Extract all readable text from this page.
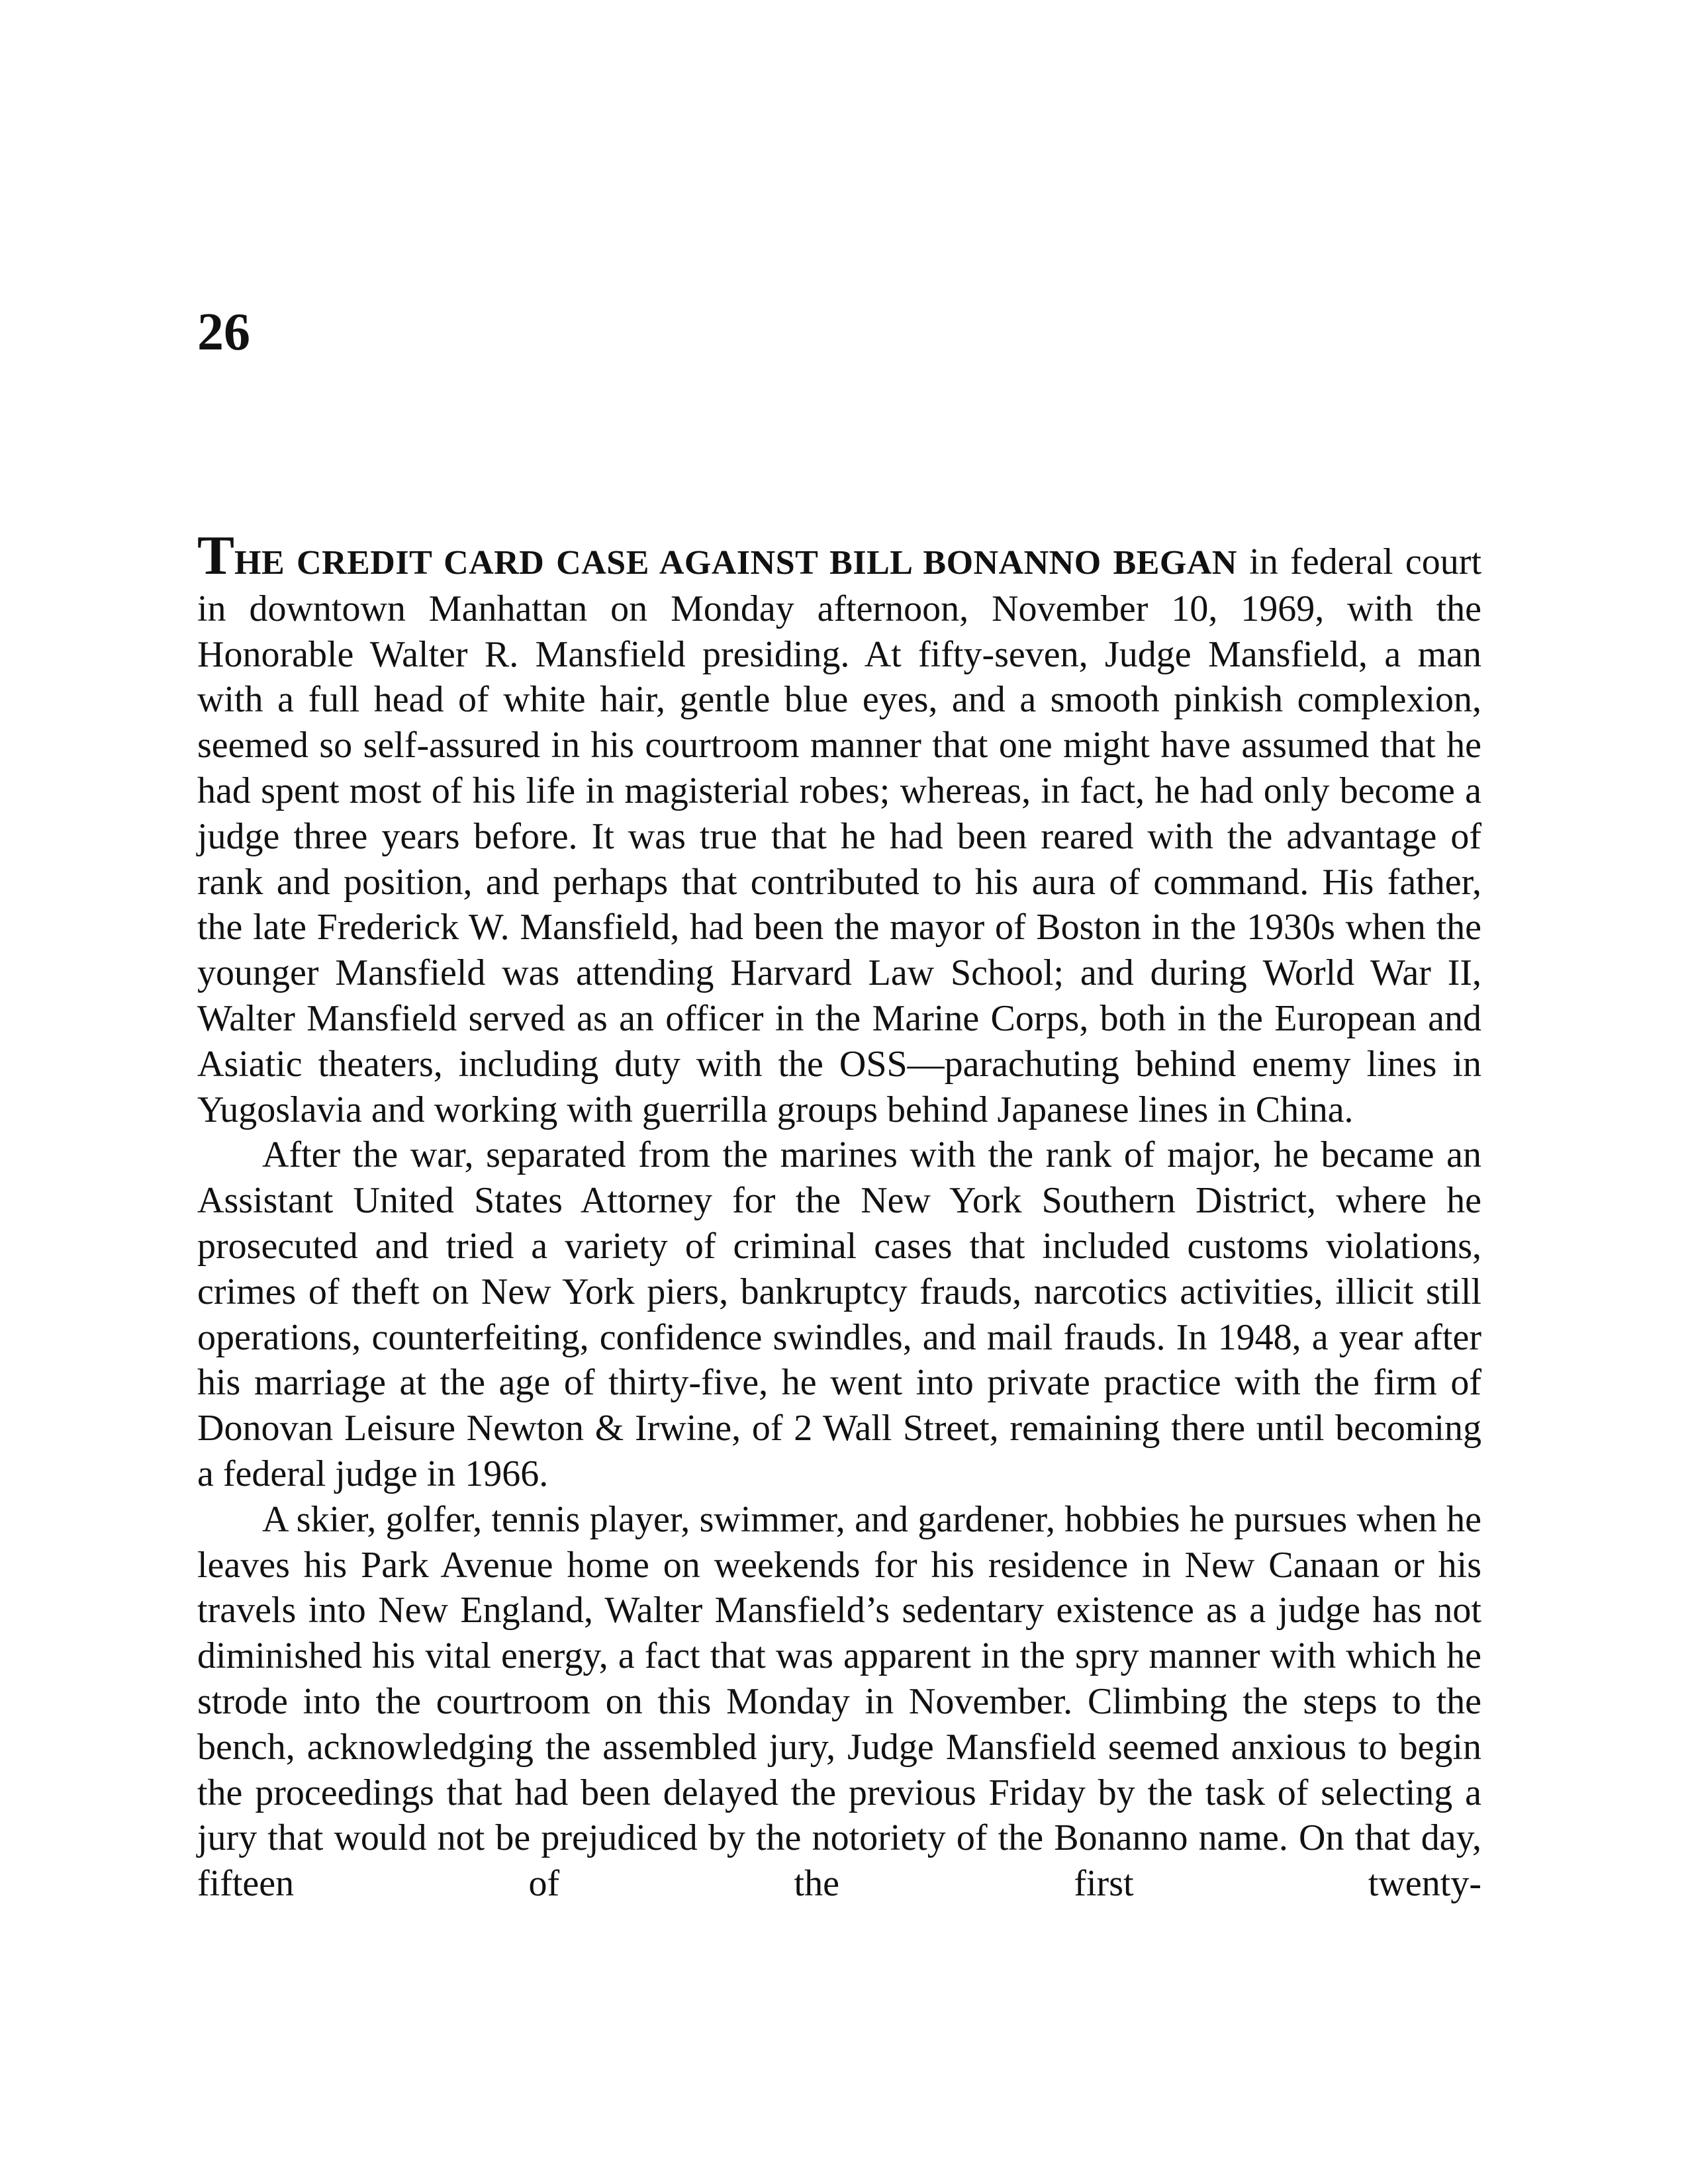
26

THE CREDIT CARD CASE AGAINST BILL BONANNO BEGAN in federal court in downtown Manhattan on Monday afternoon, November 10, 1969, with the Honorable Walter R. Mansfield presiding. At fifty-seven, Judge Mansfield, a man with a full head of white hair, gentle blue eyes, and a smooth pinkish complexion, seemed so self-assured in his courtroom manner that one might have assumed that he had spent most of his life in magisterial robes; whereas, in fact, he had only become a judge three years before. It was true that he had been reared with the advantage of rank and position, and perhaps that contributed to his aura of command. His father, the late Frederick W. Mansfield, had been the mayor of Boston in the 1930s when the younger Mansfield was attending Harvard Law School; and during World War II, Walter Mansfield served as an officer in the Marine Corps, both in the European and Asiatic theaters, including duty with the OSS—parachuting behind enemy lines in Yugoslavia and working with guerrilla groups behind Japanese lines in China.

After the war, separated from the marines with the rank of major, he became an Assistant United States Attorney for the New York Southern District, where he prosecuted and tried a variety of criminal cases that included customs violations, crimes of theft on New York piers, bankruptcy frauds, narcotics activities, illicit still operations, counterfeiting, confidence swindles, and mail frauds. In 1948, a year after his marriage at the age of thirty-five, he went into private practice with the firm of Donovan Leisure Newton & Irwine, of 2 Wall Street, remaining there until becoming a federal judge in 1966.

A skier, golfer, tennis player, swimmer, and gardener, hobbies he pursues when he leaves his Park Avenue home on weekends for his residence in New Canaan or his travels into New England, Walter Mansfield’s sedentary existence as a judge has not diminished his vital energy, a fact that was apparent in the spry manner with which he strode into the courtroom on this Monday in November. Climbing the steps to the bench, acknowledging the assembled jury, Judge Mansfield seemed anxious to begin the proceedings that had been delayed the previous Friday by the task of selecting a jury that would not be prejudiced by the notoriety of the Bonanno name. On that day, fifteen of the first twenty-
